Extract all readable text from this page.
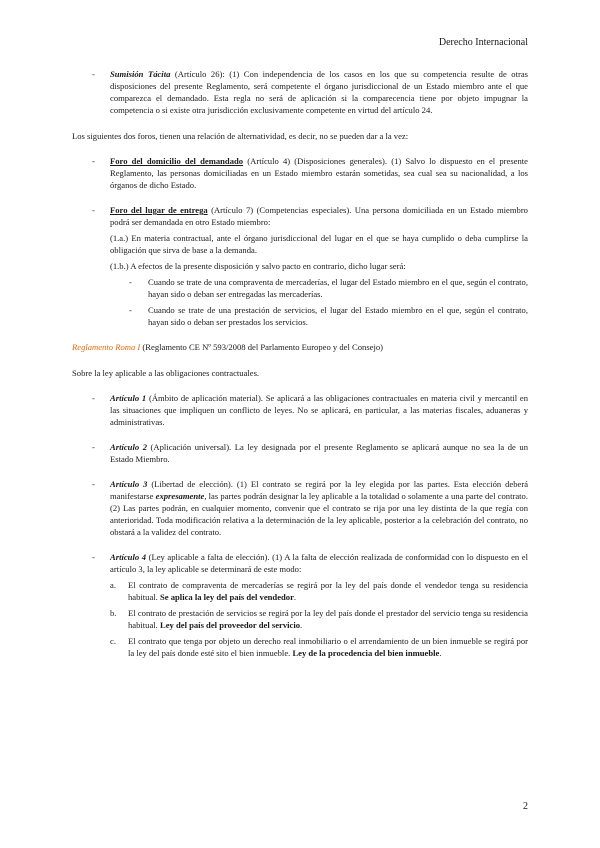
Derecho Internacional
- Sumisión Tácita (Artículo 26): (1) Con independencia de los casos en los que su competencia resulte de otras disposiciones del presente Reglamento, será competente el órgano jurisdiccional de un Estado miembro ante el que comparezca el demandado. Esta regla no será de aplicación si la comparecencia tiene por objeto impugnar la competencia o si existe otra jurisdicción exclusivamente competente en virtud del artículo 24.
Los siguientes dos foros, tienen una relación de alternatividad, es decir, no se pueden dar a la vez:
- Foro del domicilio del demandado (Artículo 4) (Disposiciones generales). (1) Salvo lo dispuesto en el presente Reglamento, las personas domiciliadas en un Estado miembro estarán sometidas, sea cual sea su nacionalidad, a los órganos de dicho Estado.
- Foro del lugar de entrega (Artículo 7) (Competencias especiales). Una persona domiciliada en un Estado miembro podrá ser demandada en otro Estado miembro:
(1.a.) En materia contractual, ante el órgano jurisdiccional del lugar en el que se haya cumplido o deba cumplirse la obligación que sirva de base a la demanda.
(1.b.) A efectos de la presente disposición y salvo pacto en contrario, dicho lugar será:
- Cuando se trate de una compraventa de mercaderías, el lugar del Estado miembro en el que, según el contrato, hayan sido o deban ser entregadas las mercaderías.
- Cuando se trate de una prestación de servicios, el lugar del Estado miembro en el que, según el contrato, hayan sido o deban ser prestados los servicios.
Reglamento Roma I (Reglamento CE Nº 593/2008 del Parlamento Europeo y del Consejo)
Sobre la ley aplicable a las obligaciones contractuales.
- Artículo 1 (Ámbito de aplicación material). Se aplicará a las obligaciones contractuales en materia civil y mercantil en las situaciones que impliquen un conflicto de leyes. No se aplicará, en particular, a las materias fiscales, aduaneras y administrativas.
- Artículo 2 (Aplicación universal). La ley designada por el presente Reglamento se aplicará aunque no sea la de un Estado Miembro.
- Artículo 3 (Libertad de elección). (1) El contrato se regirá por la ley elegida por las partes. Esta elección deberá manifestarse expresamente, las partes podrán designar la ley aplicable a la totalidad o solamente a una parte del contrato. (2) Las partes podrán, en cualquier momento, convenir que el contrato se rija por una ley distinta de la que regía con anterioridad. Toda modificación relativa a la determinación de la ley aplicable, posterior a la celebración del contrato, no obstará a la validez del contrato.
- Artículo 4 (Ley aplicable a falta de elección). (1) A la falta de elección realizada de conformidad con lo dispuesto en el artículo 3, la ley aplicable se determinará de este modo:
a. El contrato de compraventa de mercaderías se regirá por la ley del país donde el vendedor tenga su residencia habitual. Se aplica la ley del país del vendedor.
b. El contrato de prestación de servicios se regirá por la ley del país donde el prestador del servicio tenga su residencia habitual. Ley del país del proveedor del servicio.
c. El contrato que tenga por objeto un derecho real inmobiliario o el arrendamiento de un bien inmueble se regirá por la ley del país donde esté sito el bien inmueble. Ley de la procedencia del bien inmueble.
2
